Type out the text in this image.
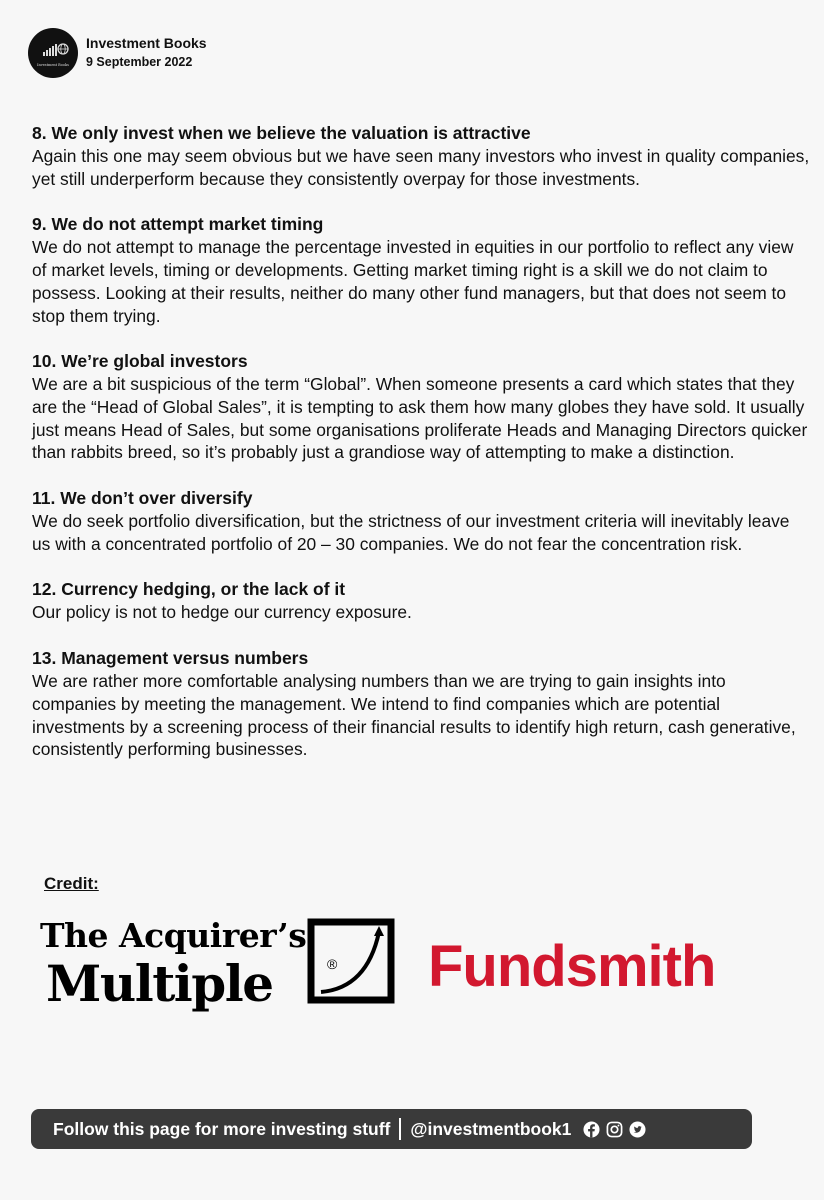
Investment Books
Investment Books
9 September 2022
8. We only invest when we believe the valuation is attractive

Again this one may seem obvious but we have seen many investors who invest in quality companies, yet still underperform because they consistently overpay for those investments.

9. We do not attempt market timing

We do not attempt to manage the percentage invested in equities in our portfolio to reflect any view of market levels, timing or developments. Getting market timing right is a skill we do not claim to possess. Looking at their results, neither do many other fund managers, but that does not seem to stop them trying.

10. We’re global investors

We are a bit suspicious of the term “Global”. When someone presents a card which states that they are the “Head of Global Sales”, it is tempting to ask them how many globes they have sold. It usually just means Head of Sales, but some organisations proliferate Heads and Managing Directors quicker than rabbits breed, so it’s probably just a grandiose way of attempting to make a distinction.

11. We don’t over diversify

We do seek portfolio diversification, but the strictness of our investment criteria will inevitably leave us with a concentrated portfolio of 20 – 30 companies. We do not fear the concentration risk.

12. Currency hedging, or the lack of it

Our policy is not to hedge our currency exposure.

13. Management versus numbers

We are rather more comfortable analysing numbers than we are trying to gain insights into companies by meeting the management. We intend to find companies which are potential investments by a screening process of their financial results to identify high return, cash generative, consistently performing businesses.

Credit:
The Acquirer’s
Multiple	® Fundsmith
Follow this page for more investing stuff @investmentbook1
